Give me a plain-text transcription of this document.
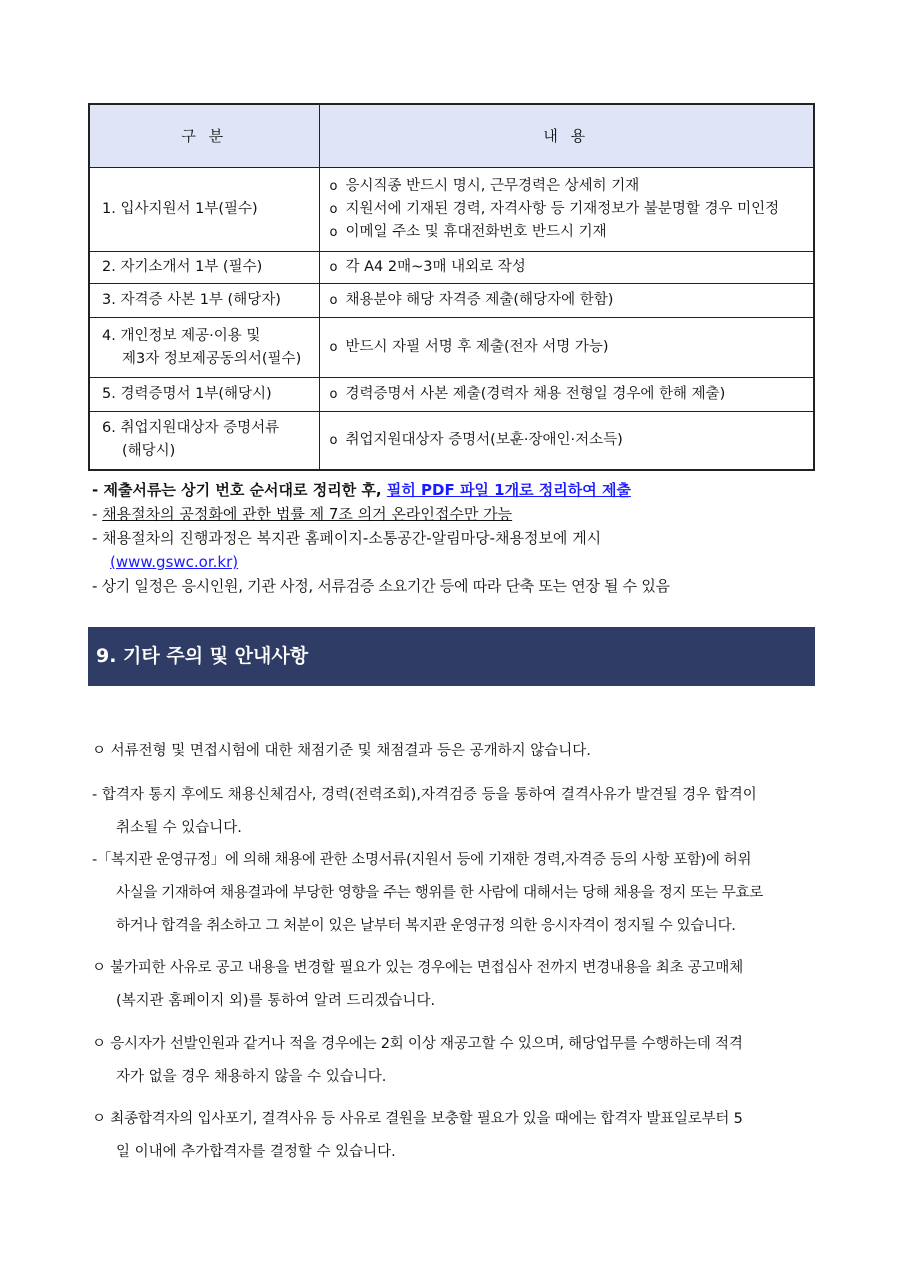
구 분	내 용
1. 입사지원서 1부(필수)	o 응시직종 반드시 명시, 근무경력은 상세히 기재
o 지원서에 기재된 경력, 자격사항 등 기재정보가 불분명할 경우 미인정
o 이메일 주소 및 휴대전화번호 반드시 기재

2. 자기소개서 1부 (필수)	o 각 A4 2매~3매 내외로 작성

3. 자격증 사본 1부 (해당자)	o 채용분야 해당 자격증 제출(해당자에 한함)

4. 개인정보 제공·이용 및
제3자 정보제공동의서(필수)	o 반드시 자필 서명 후 제출(전자 서명 가능)

5. 경력증명서 1부(해당시)	o 경력증명서 사본 제출(경력자 채용 전형일 경우에 한해 제출)

6. 취업지원대상자 증명서류
(해당시)	o 취업지원대상자 증명서(보훈·장애인·저소득)
- 제출서류는 상기 번호 순서대로 정리한 후, 필히 PDF 파일 1개로 정리하여 제출
- 채용절차의 공정화에 관한 법률 제 7조 의거 온라인접수만 가능
- 채용절차의 진행과정은 복지관 홈페이지-소통공간-알림마당-채용정보에 게시
(www.gswc.or.kr)
- 상기 일정은 응시인원, 기관 사정, 서류검증 소요기간 등에 따라 단축 또는 연장 될 수 있음
9. 기타 주의 및 안내사항
ㅇ 서류전형 및 면접시험에 대한 채점기준 및 채점결과 등은 공개하지 않습니다.
- 합격자 통지 후에도 채용신체검사, 경력(전력조회),자격검증 등을 통하여 결격사유가 발견될 경우 합격이
취소될 수 있습니다.
-「복지관 운영규정」에 의해 채용에 관한 소명서류(지원서 등에 기재한 경력,자격증 등의 사항 포함)에 허위
사실을 기재하여 채용결과에 부당한 영향을 주는 행위를 한 사람에 대해서는 당해 채용을 정지 또는 무효로
하거나 합격을 취소하고 그 처분이 있은 날부터 복지관 운영규정 의한 응시자격이 정지될 수 있습니다.
ㅇ 불가피한 사유로 공고 내용을 변경할 필요가 있는 경우에는 면접심사 전까지 변경내용을 최초 공고매체
(복지관 홈페이지 외)를 통하여 알려 드리겠습니다.
ㅇ 응시자가 선발인원과 같거나 적을 경우에는 2회 이상 재공고할 수 있으며, 해당업무를 수행하는데 적격
자가 없을 경우 채용하지 않을 수 있습니다.
ㅇ 최종합격자의 입사포기, 결격사유 등 사유로 결원을 보충할 필요가 있을 때에는 합격자 발표일로부터 5
일 이내에 추가합격자를 결정할 수 있습니다.
